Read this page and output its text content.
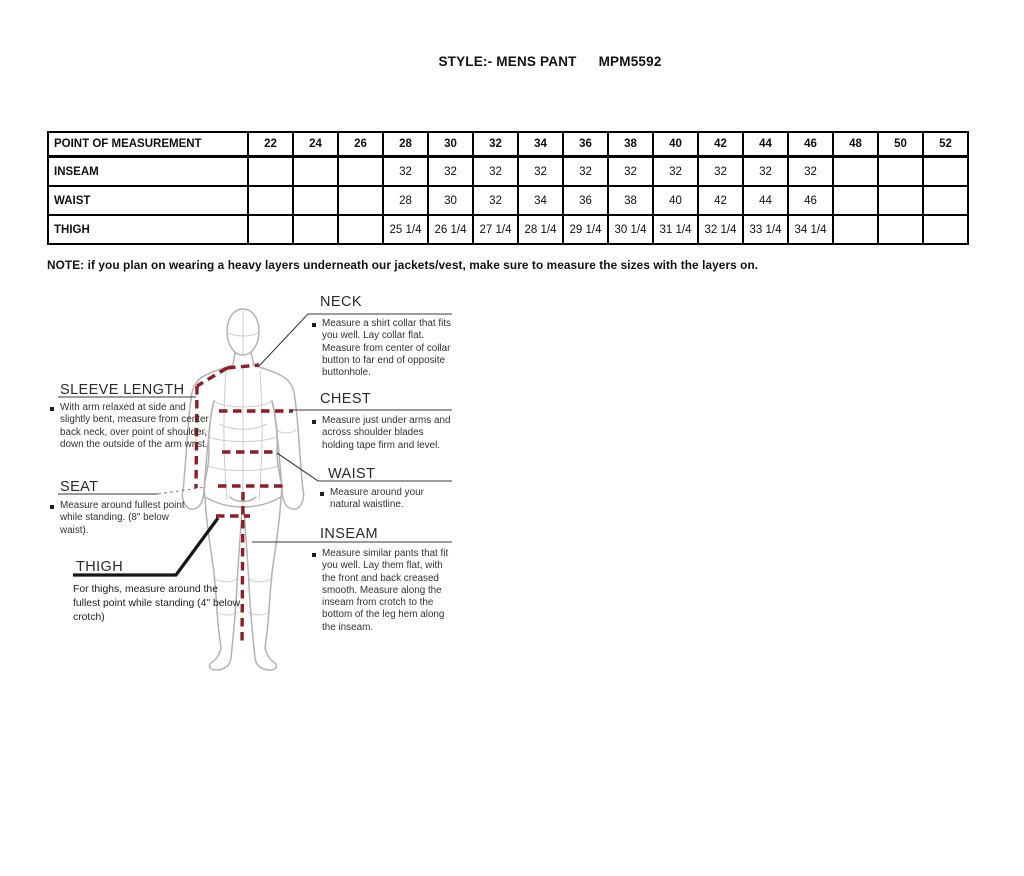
STYLE:- MENS PANT MPM5592
POINT OF MEASUREMENT	22	24	26	28	30	32	34	36	38	40	42	44	46	48	50	52
INSEAM				32	32	32	32	32	32	32	32	32	32			
WAIST				28	30	32	34	36	38	40	42	44	46			
THIGH				25 1/4	26 1/4	27 1/4	28 1/4	29 1/4	30 1/4	31 1/4	32 1/4	33 1/4	34 1/4			
NOTE: if you plan on wearing a heavy layers underneath our jackets/vest, make sure to measure the sizes with the layers on.
NECK

Measure a shirt collar that fits you well. Lay collar flat. Measure from center of collar button to far end of opposite buttonhole.

CHEST

Measure just under arms and across shoulder blades holding tape firm and level.

WAIST

Measure around your natural waistline.

INSEAM

Measure similar pants that fit you well. Lay them flat, with the front and back creased smooth. Measure along the inseam from crotch to the bottom of the leg hem along the inseam.

SLEEVE LENGTH

With arm relaxed at side and slightly bent, measure from center back neck, over point of shoulder, down the outside of the arm wrist.

SEAT

Measure around fullest point while standing. (8" below waist).

THIGH

For thighs, measure around the fullest point while standing (4" below crotch)
